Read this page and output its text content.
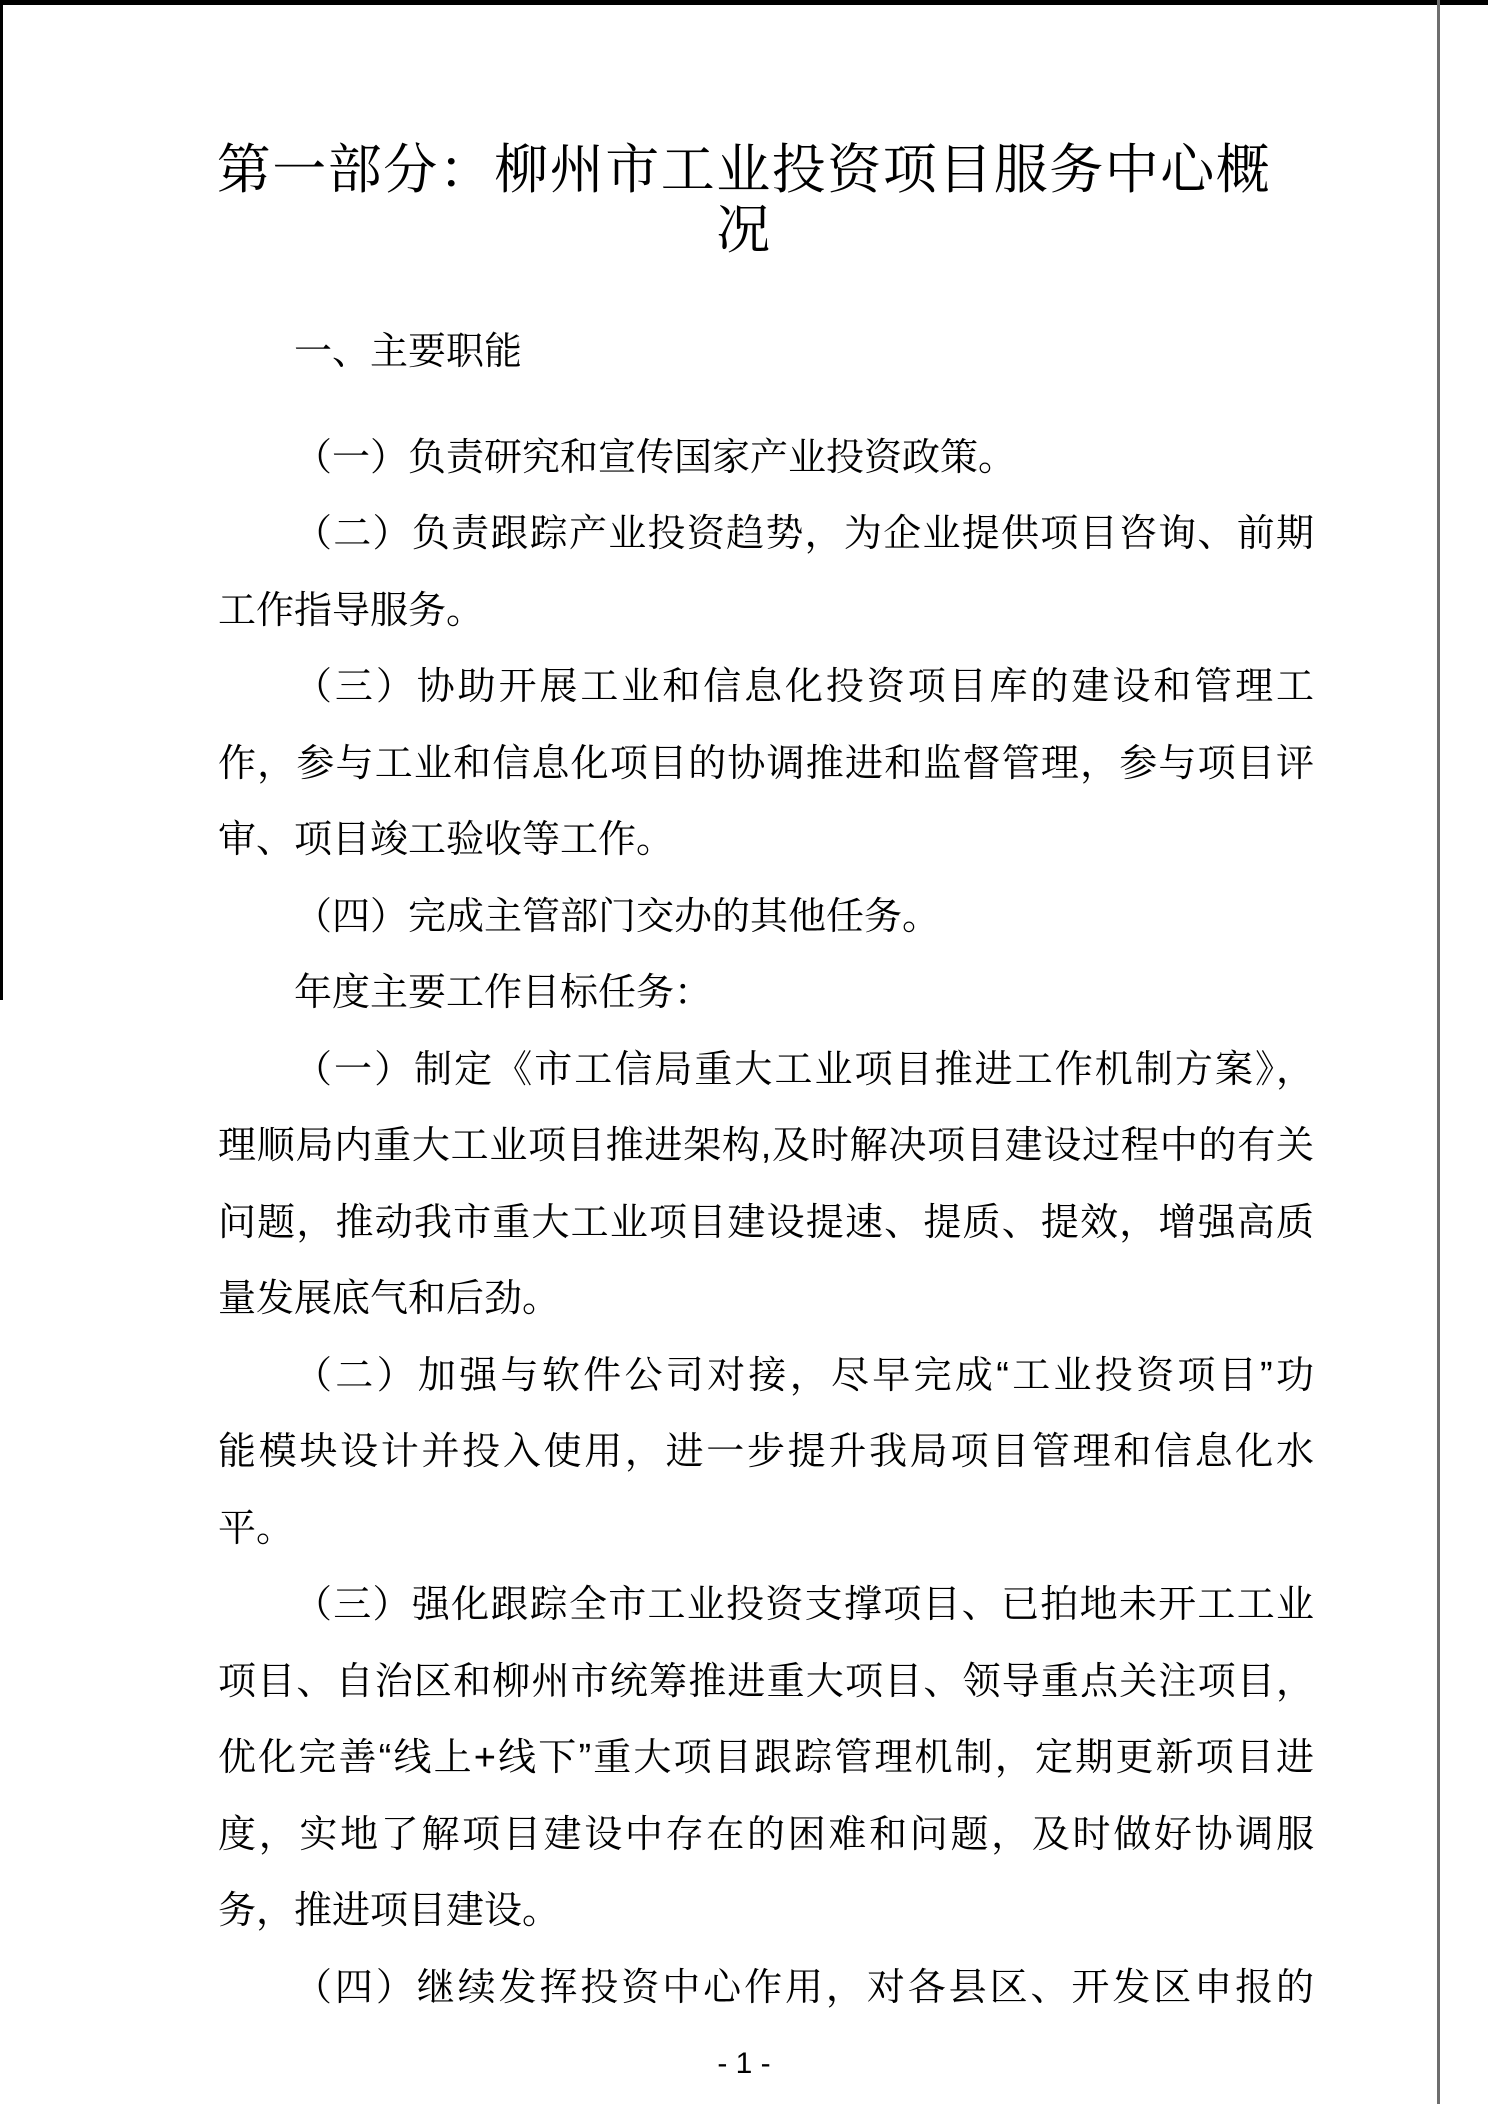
第一部分：柳州市工业投资项目服务中心概
况
一、主要职能
（一）负责研究和宣传国家产业投资政策。
（二）负责跟踪产业投资趋势，为企业提供项目咨询、前期
工作指导服务。
（三）协助开展工业和信息化投资项目库的建设和管理工
作，参与工业和信息化项目的协调推进和监督管理，参与项目评
审、项目竣工验收等工作。
（四）完成主管部门交办的其他任务。
年度主要工作目标任务：
（一）制定《市工信局重大工业项目推进工作机制方案》，
理顺局内重大工业项目推进架构,及时解决项目建设过程中的有关
问题，推动我市重大工业项目建设提速、提质、提效，增强高质
量发展底气和后劲。
（二）加强与软件公司对接，尽早完成“工业投资项目”功
能模块设计并投入使用，进一步提升我局项目管理和信息化水
平。
（三）强化跟踪全市工业投资支撑项目、已拍地未开工工业
项目、自治区和柳州市统筹推进重大项目、领导重点关注项目，
优化完善“线上+线下”重大项目跟踪管理机制，定期更新项目进
度，实地了解项目建设中存在的困难和问题，及时做好协调服
务，推进项目建设。
（四）继续发挥投资中心作用，对各县区、开发区申报的
- 1 -
